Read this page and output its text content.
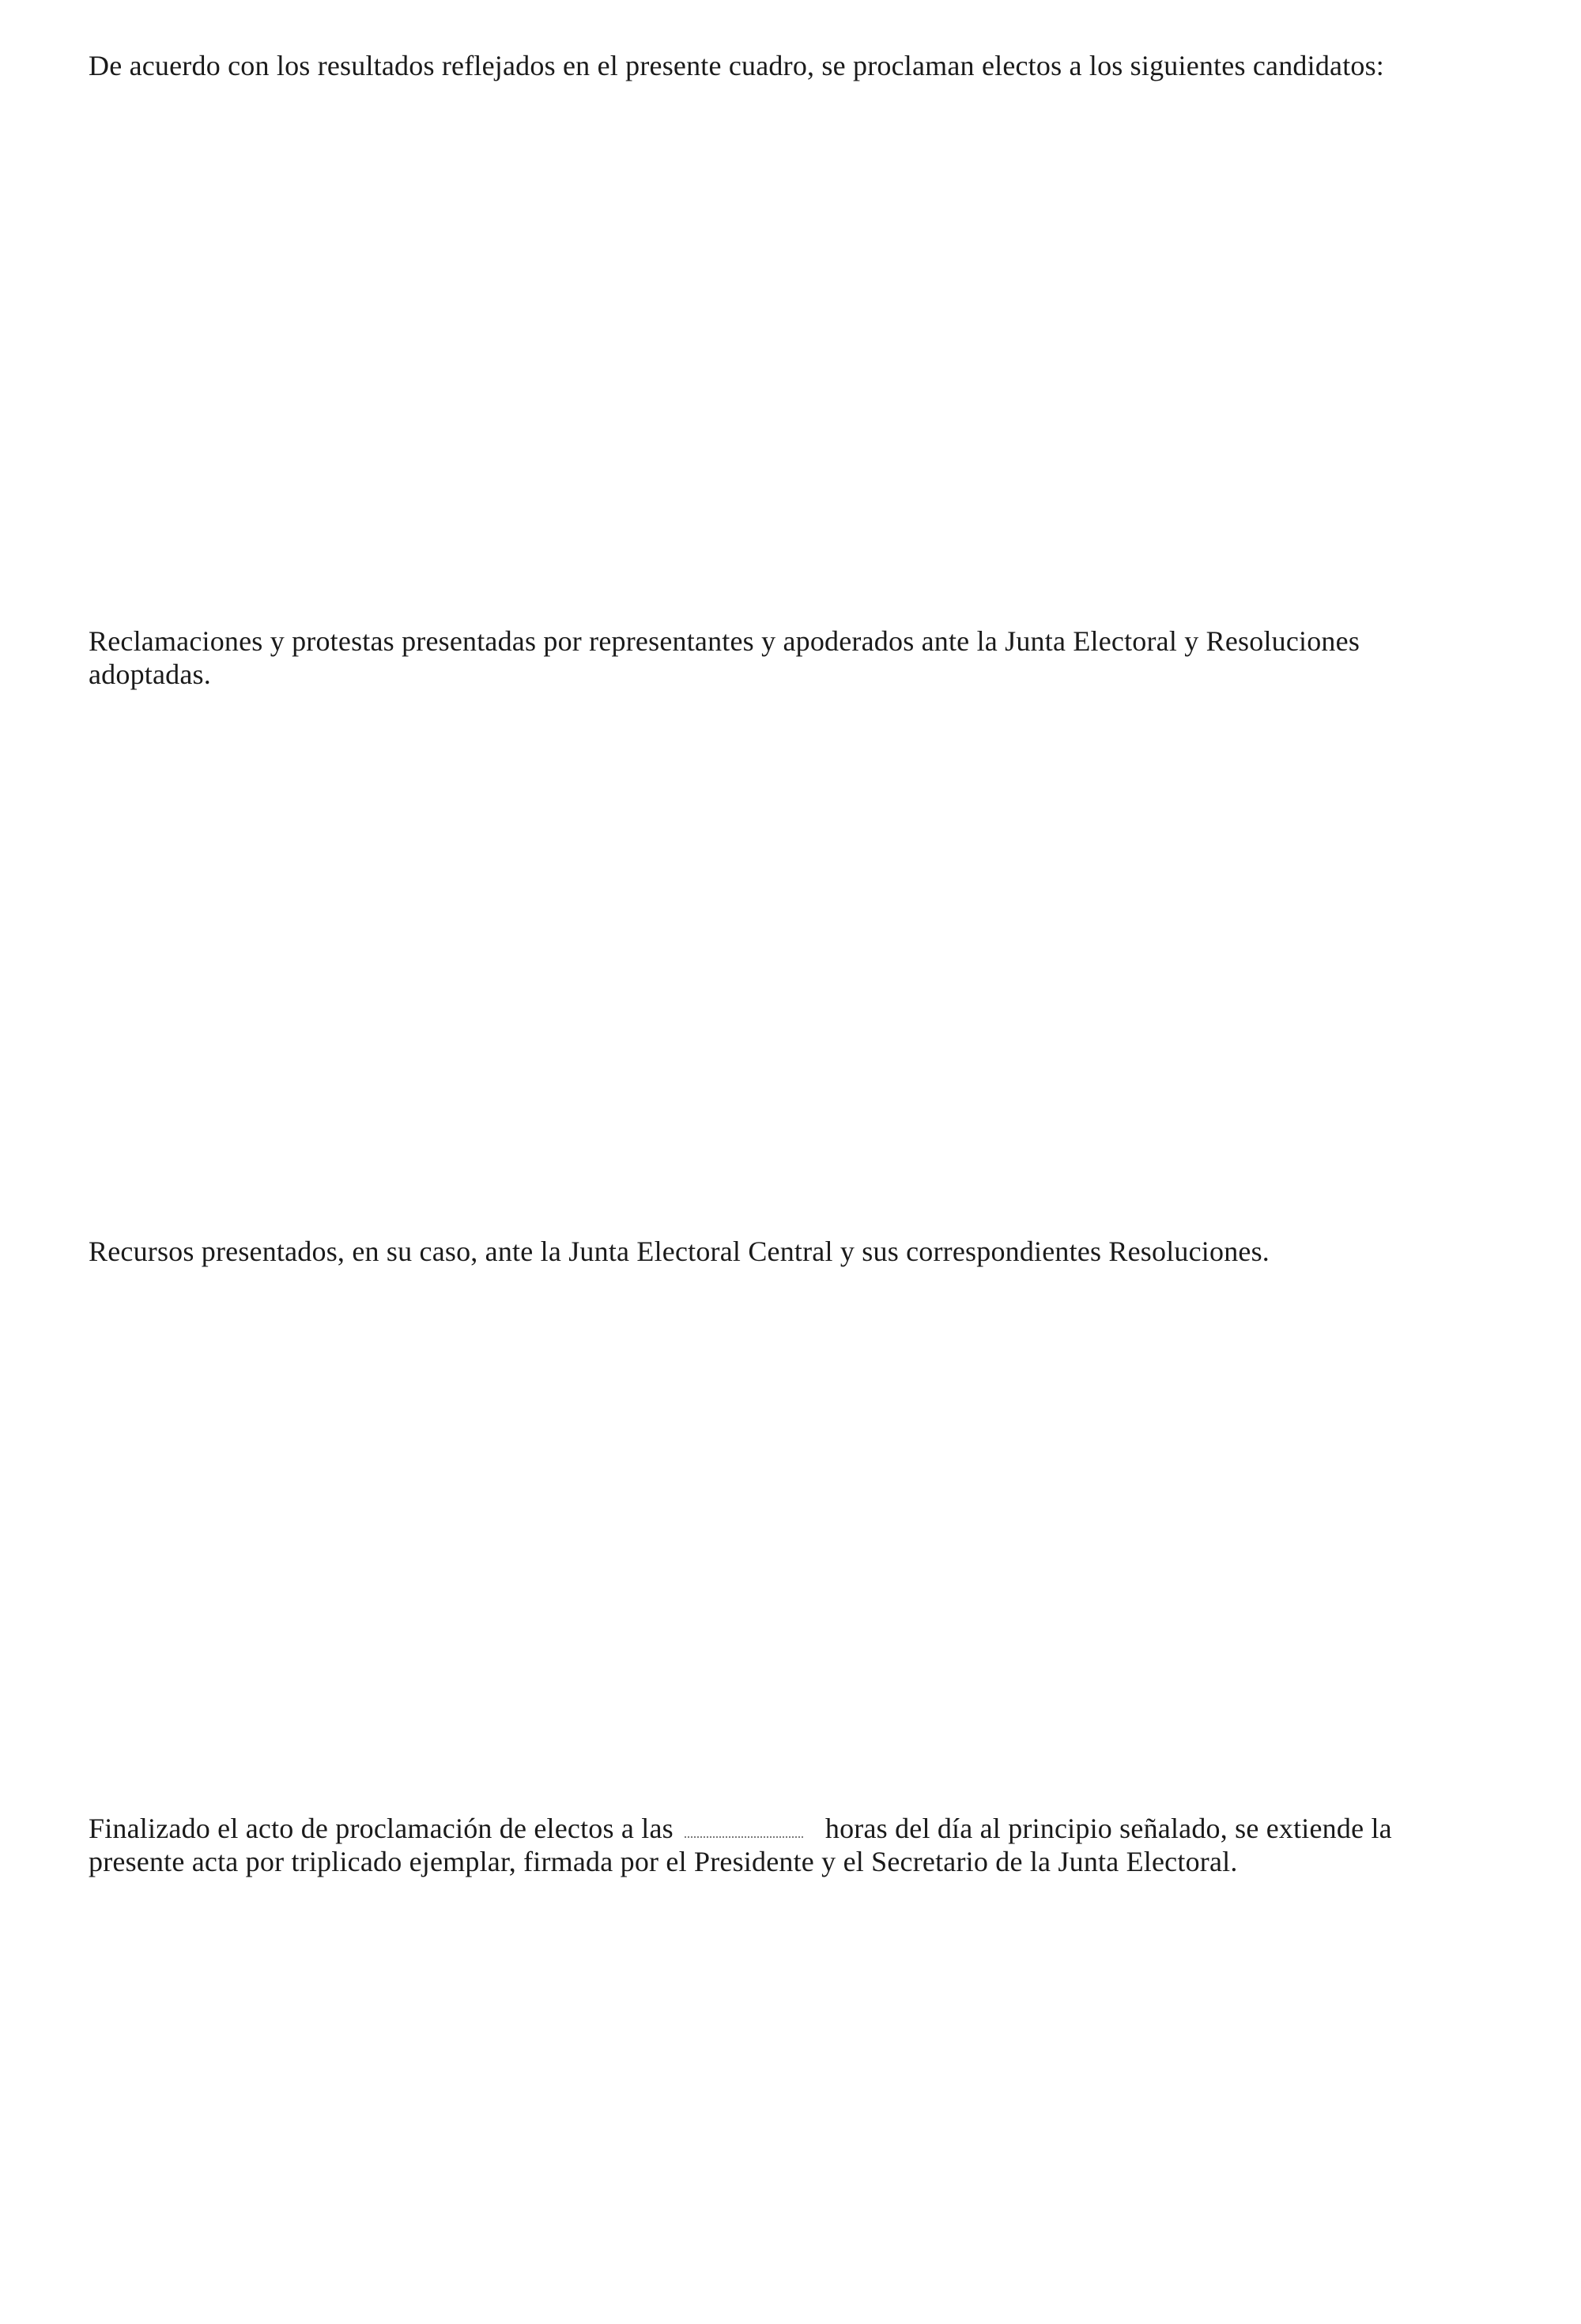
De acuerdo con los resultados reflejados en el presente cuadro, se proclaman electos a los siguientes candidatos:

Reclamaciones y protestas presentadas por representantes y apoderados ante la Junta Electoral y Resoluciones
adoptadas.

Recursos presentados, en su caso, ante la Junta Electoral Central y sus correspondientes Resoluciones.

Finalizado el acto de proclamación de electos a las	horas del día al principio señalado, se extiende la
presente acta por triplicado ejemplar, firmada por el Presidente y el Secretario de la Junta Electoral.
